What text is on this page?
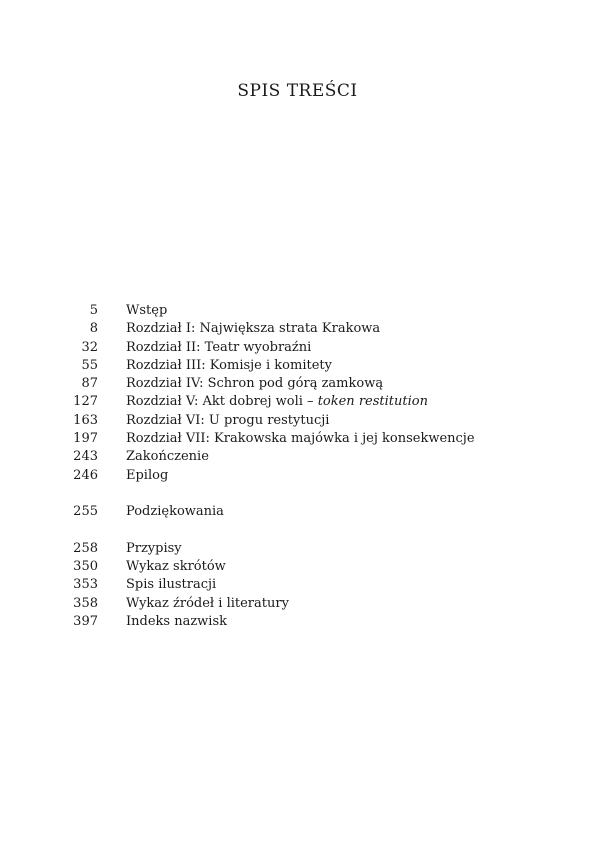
SPIS TREŚCI
5 Wstęp
8 Rozdział I: Największa strata Krakowa
32 Rozdział II: Teatr wyobraźni
55 Rozdział III: Komisje i komitety
87 Rozdział IV: Schron pod górą zamkową
127 Rozdział V: Akt dobrej woli – token restitution
163 Rozdział VI: U progu restytucji
197 Rozdział VII: Krakowska majówka i jej konsekwencje
243 Zakończenie
246 Epilog
255 Podziękowania
258 Przypisy
350 Wykaz skrótów
353 Spis ilustracji
358 Wykaz źródeł i literatury
397 Indeks nazwisk
